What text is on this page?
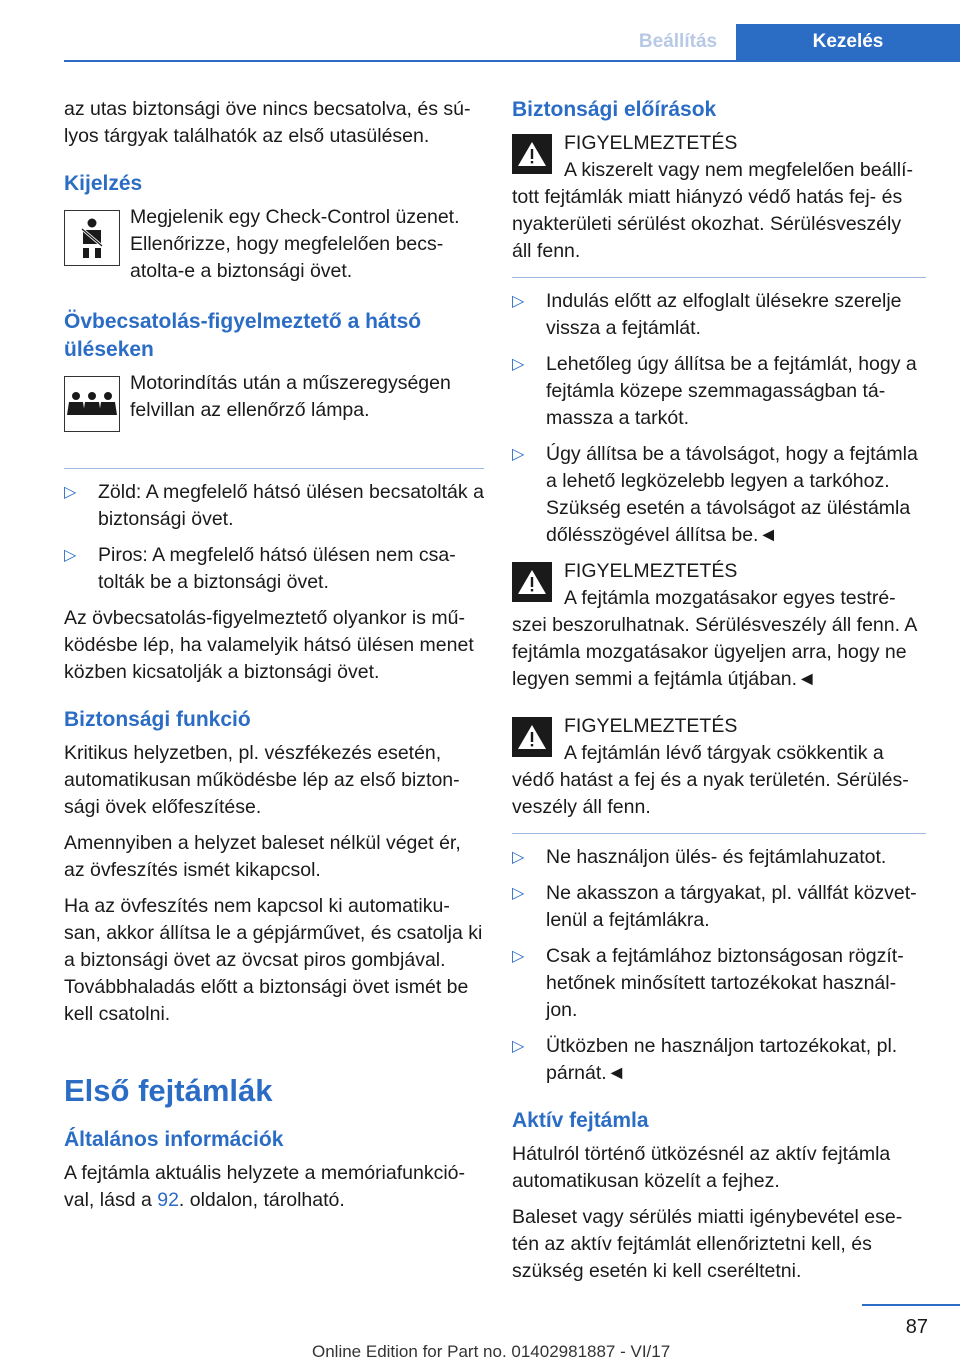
Beállítás	Kezelés

az utas biztonsági öve nincs becsatolva, és sú‐lyos tárgyak találhatók az első utasülésen.

Kijelzés
Megjelenik egy Check-Control üzenet. Ellenőrizze, hogy megfelelően becs‐atolta-e a biztonsági övet.
Övbecsatolás-figyelmeztető a hátsó üléseken
Motorindítás után a műszeregységen felvillan az ellenőrző lámpa.
▷ Zöld: A megfelelő hátsó ülésen becsatolták a biztonsági övet.
▷ Piros: A megfelelő hátsó ülésen nem csa‐tolták be a biztonsági övet.

Az övbecsatolás-figyelmeztető olyankor is mű‐ködésbe lép, ha valamelyik hátsó ülésen menet közben kicsatolják a biztonsági övet.

Biztonsági funkció

Kritikus helyzetben, pl. vészfékezés esetén, automatikusan működésbe lép az első bizton‐sági övek előfeszítése.

Amennyiben a helyzet baleset nélkül véget ér, az övfeszítés ismét kikapcsol.

Ha az övfeszítés nem kapcsol ki automatiku‐san, akkor állítsa le a gépjárművet, és csatolja ki a biztonsági övet az övcsat piros gombjával. Továbbhaladás előtt a biztonsági övet ismét be kell csatolni.

Első fejtámlák
Általános információk

A fejtámla aktuális helyzete a memóriafunkció‐val, lásd a 92. oldalon, tárolható.

Biztonsági előírások
FIGYELMEZTETÉS
A kiszerelt vagy nem megfelelően beállí‐
tott fejtámlák miatt hiányzó védő hatás fej- és nyakterületi sérülést okozhat. Sérülésveszély áll fenn.
▷ Indulás előtt az elfoglalt ülésekre szerelje vissza a fejtámlát.
▷ Lehetőleg úgy állítsa be a fejtámlát, hogy a fejtámla közepe szemmagasságban tá‐massza a tarkót.
▷ Úgy állítsa be a távolságot, hogy a fejtámla a lehető legközelebb legyen a tarkóhoz. Szükség esetén a távolságot az üléstámla dőlésszögével állítsa be.◄
FIGYELMEZTETÉS
A fejtámla mozgatásakor egyes testré‐
szei beszorulhatnak. Sérülésveszély áll fenn. A fejtámla mozgatásakor ügyeljen arra, hogy ne legyen semmi a fejtámla útjában.◄
FIGYELMEZTETÉS
A fejtámlán lévő tárgyak csökkentik a
védő hatást a fej és a nyak területén. Sérülés‐veszély áll fenn.
▷ Ne használjon ülés- és fejtámlahuzatot.
▷ Ne akasszon a tárgyakat, pl. vállfát közvet‐lenül a fejtámlákra.
▷ Csak a fejtámlához biztonságosan rögzít‐hetőnek minősített tartozékokat használ‐jon.
▷ Ütközben ne használjon tartozékokat, pl. párnát.◄
Aktív fejtámla

Hátulról történő ütközésnél az aktív fejtámla automatikusan közelít a fejhez.

Baleset vagy sérülés miatti igénybevétel ese‐tén az aktív fejtámlát ellenőriztetni kell, és szükség esetén ki kell cseréltetni.

87
Online Edition for Part no. 01402981887 - VI/17
